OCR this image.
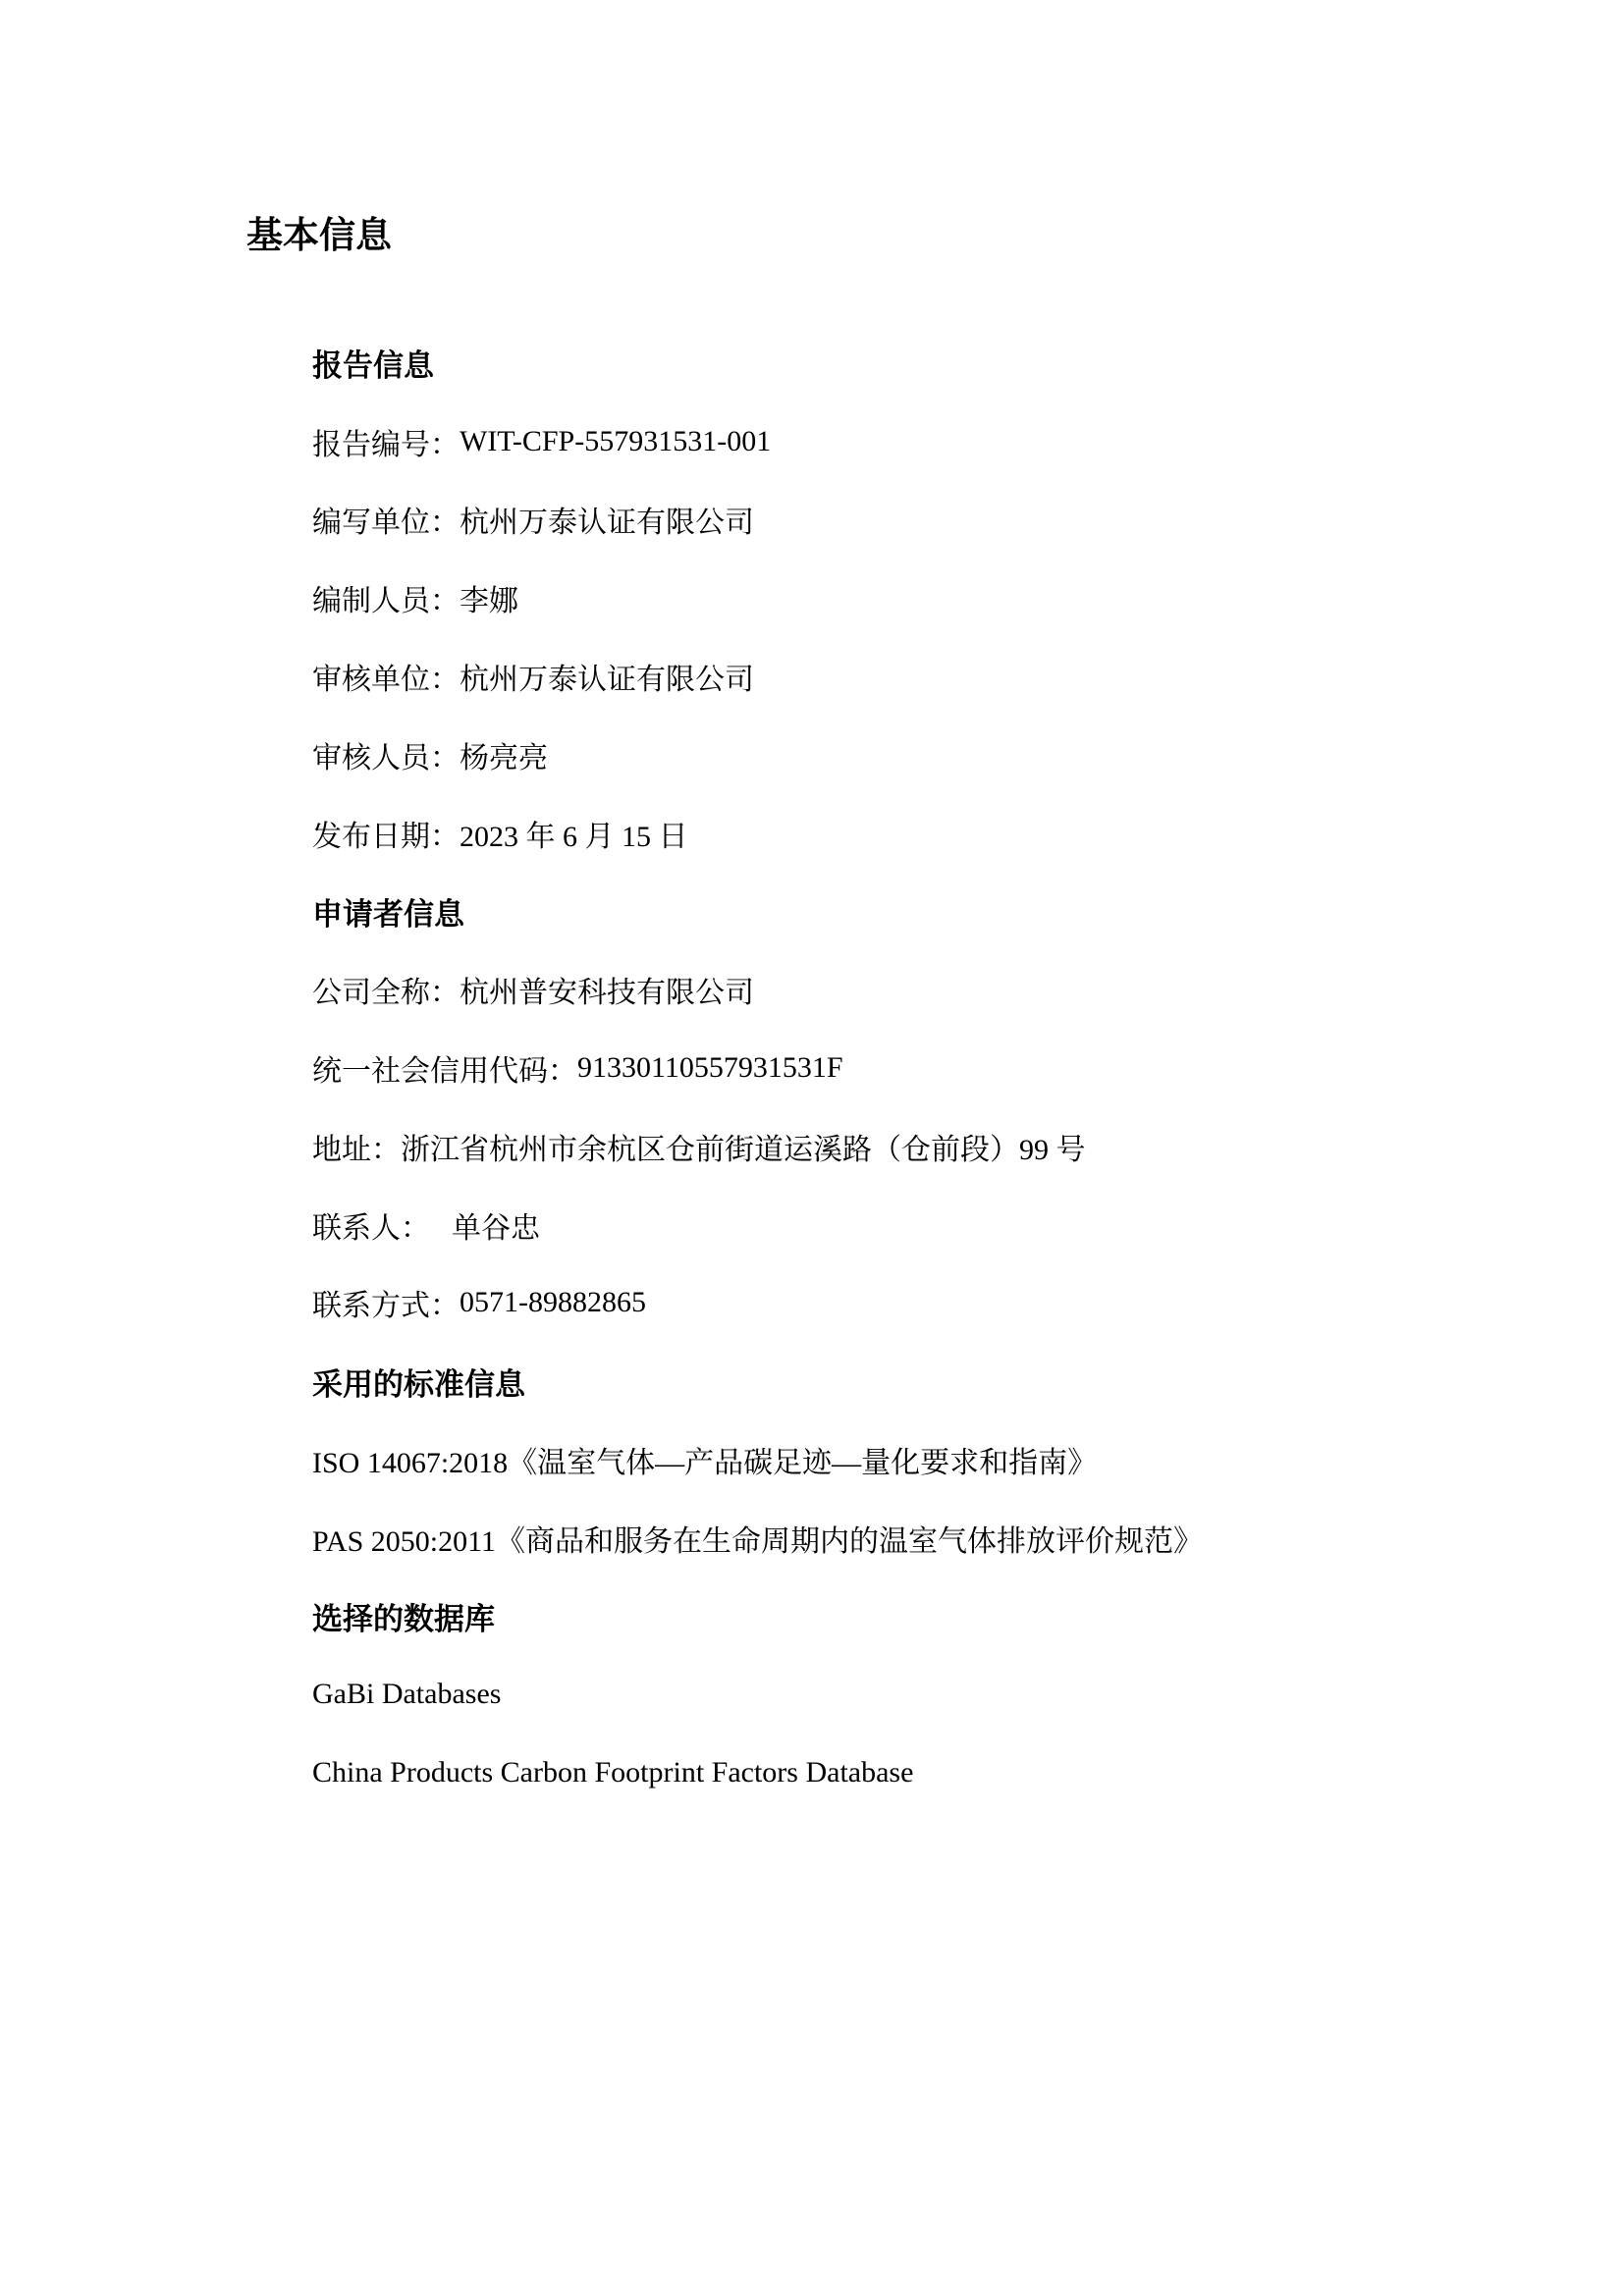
基本信息
报告信息
报告编号： WIT-CFP-557931531-001
编写单位： 杭州万泰认证有限公司
编制人员： 李娜
审核单位： 杭州万泰认证有限公司
审核人员： 杨亮亮
发布日期： 2023 年 6 月 15 日
申请者信息
公司全称： 杭州普安科技有限公司
统一社会信用代码： 91330110557931531F
地址： 浙江省杭州市余杭区仓前街道运溪路（仓前段）99 号
联系人： 单谷忠
联系方式： 0571-89882865
采用的标准信息
ISO 14067:2018《温室气体—产品碳足迹—量化要求和指南》
PAS 2050:2011《商品和服务在生命周期内的温室气体排放评价规范》
选择的数据库
GaBi Databases
China Products Carbon Footprint Factors Database
